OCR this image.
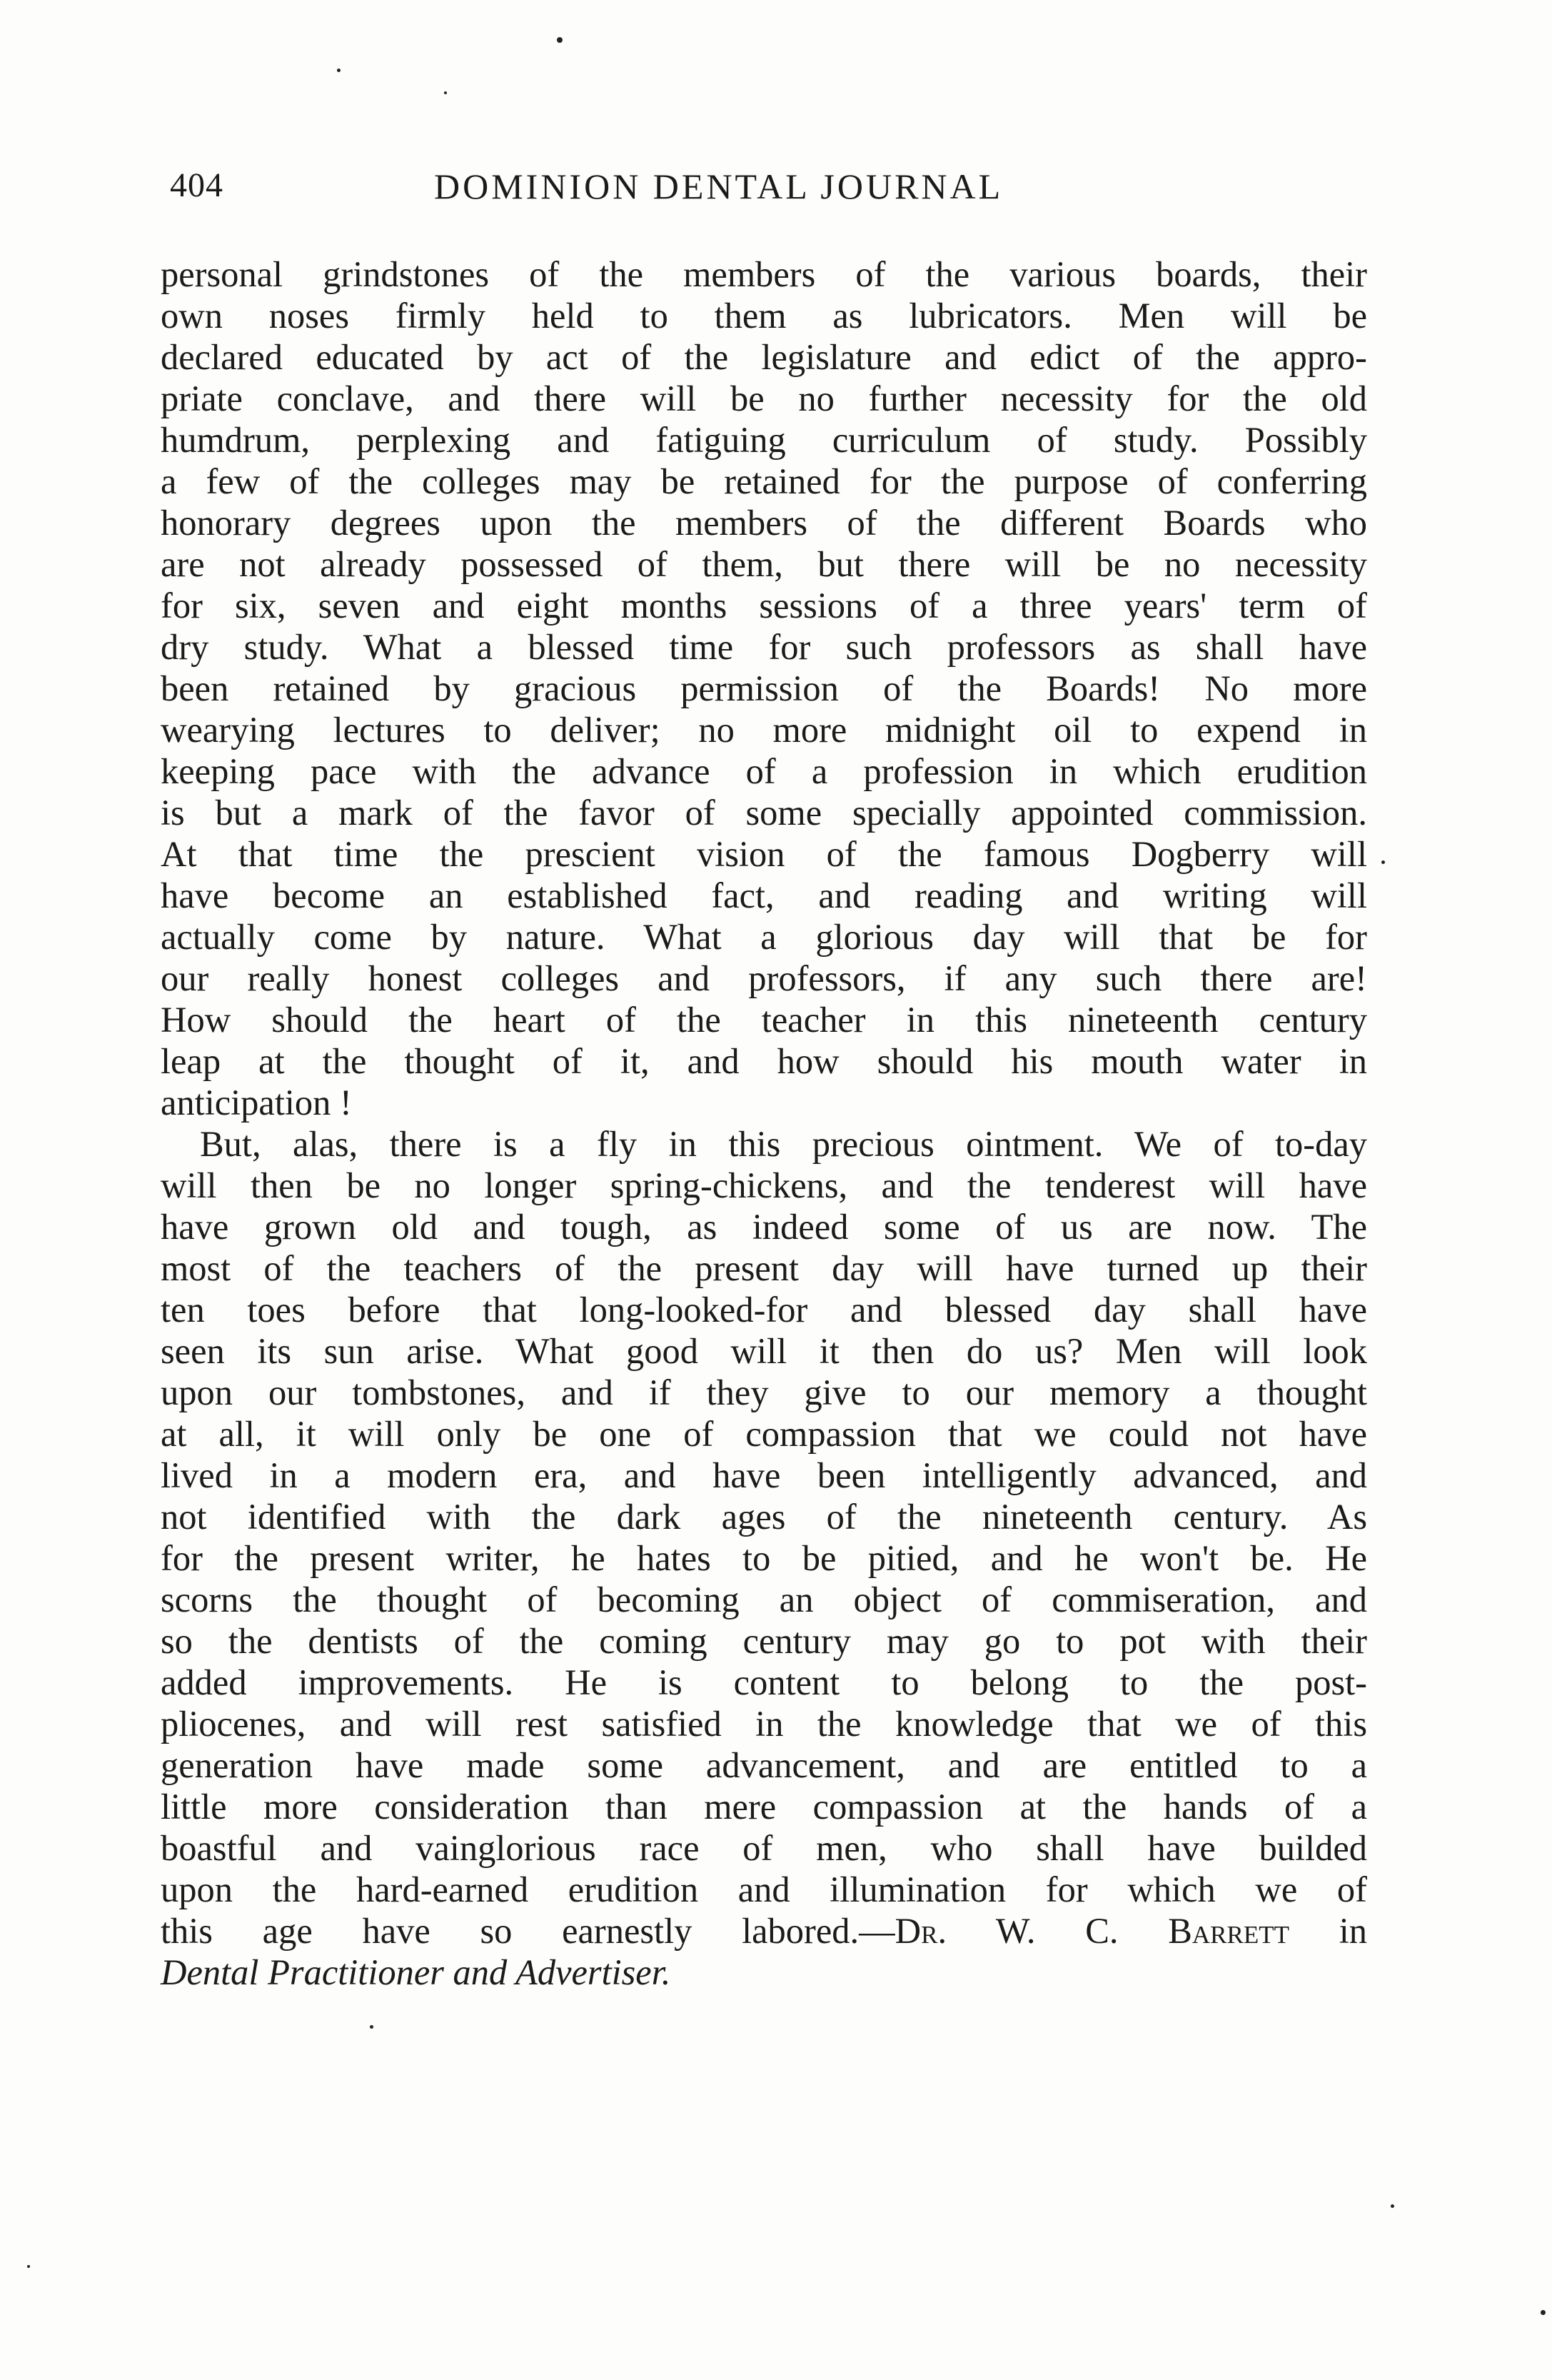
404	DOMINION DENTAL JOURNAL
personal grindstones of the members of the various boards, their
own noses firmly held to them as lubricators. Men will be
declared educated by act of the legislature and edict of the appro-
priate conclave, and there will be no further necessity for the old
humdrum, perplexing and fatiguing curriculum of study. Possibly
a few of the colleges may be retained for the purpose of conferring
honorary degrees upon the members of the different Boards who
are not already possessed of them, but there will be no necessity
for six, seven and eight months sessions of a three years' term of
dry study. What a blessed time for such professors as shall have
been retained by gracious permission of the Boards! No more
wearying lectures to deliver; no more midnight oil to expend in
keeping pace with the advance of a profession in which erudition
is but a mark of the favor of some specially appointed commission.
At that time the prescient vision of the famous Dogberry will
have become an established fact, and reading and writing will
actually come by nature. What a glorious day will that be for
our really honest colleges and professors, if any such there are!
How should the heart of the teacher in this nineteenth century
leap at the thought of it, and how should his mouth water in
anticipation !
But, alas, there is a fly in this precious ointment. We of to-day
will then be no longer spring-chickens, and the tenderest will have
have grown old and tough, as indeed some of us are now. The
most of the teachers of the present day will have turned up their
ten toes before that long-looked-for and blessed day shall have
seen its sun arise. What good will it then do us? Men will look
upon our tombstones, and if they give to our memory a thought
at all, it will only be one of compassion that we could not have
lived in a modern era, and have been intelligently advanced, and
not identified with the dark ages of the nineteenth century. As
for the present writer, he hates to be pitied, and he won't be. He
scorns the thought of becoming an object of commiseration, and
so the dentists of the coming century may go to pot with their
added improvements. He is content to belong to the post-
pliocenes, and will rest satisfied in the knowledge that we of this
generation have made some advancement, and are entitled to a
little more consideration than mere compassion at the hands of a
boastful and vainglorious race of men, who shall have builded
upon the hard-earned erudition and illumination for which we of
this age have so earnestly labored.—Dr. W. C. Barrett in
Dental Practitioner and Advertiser.
